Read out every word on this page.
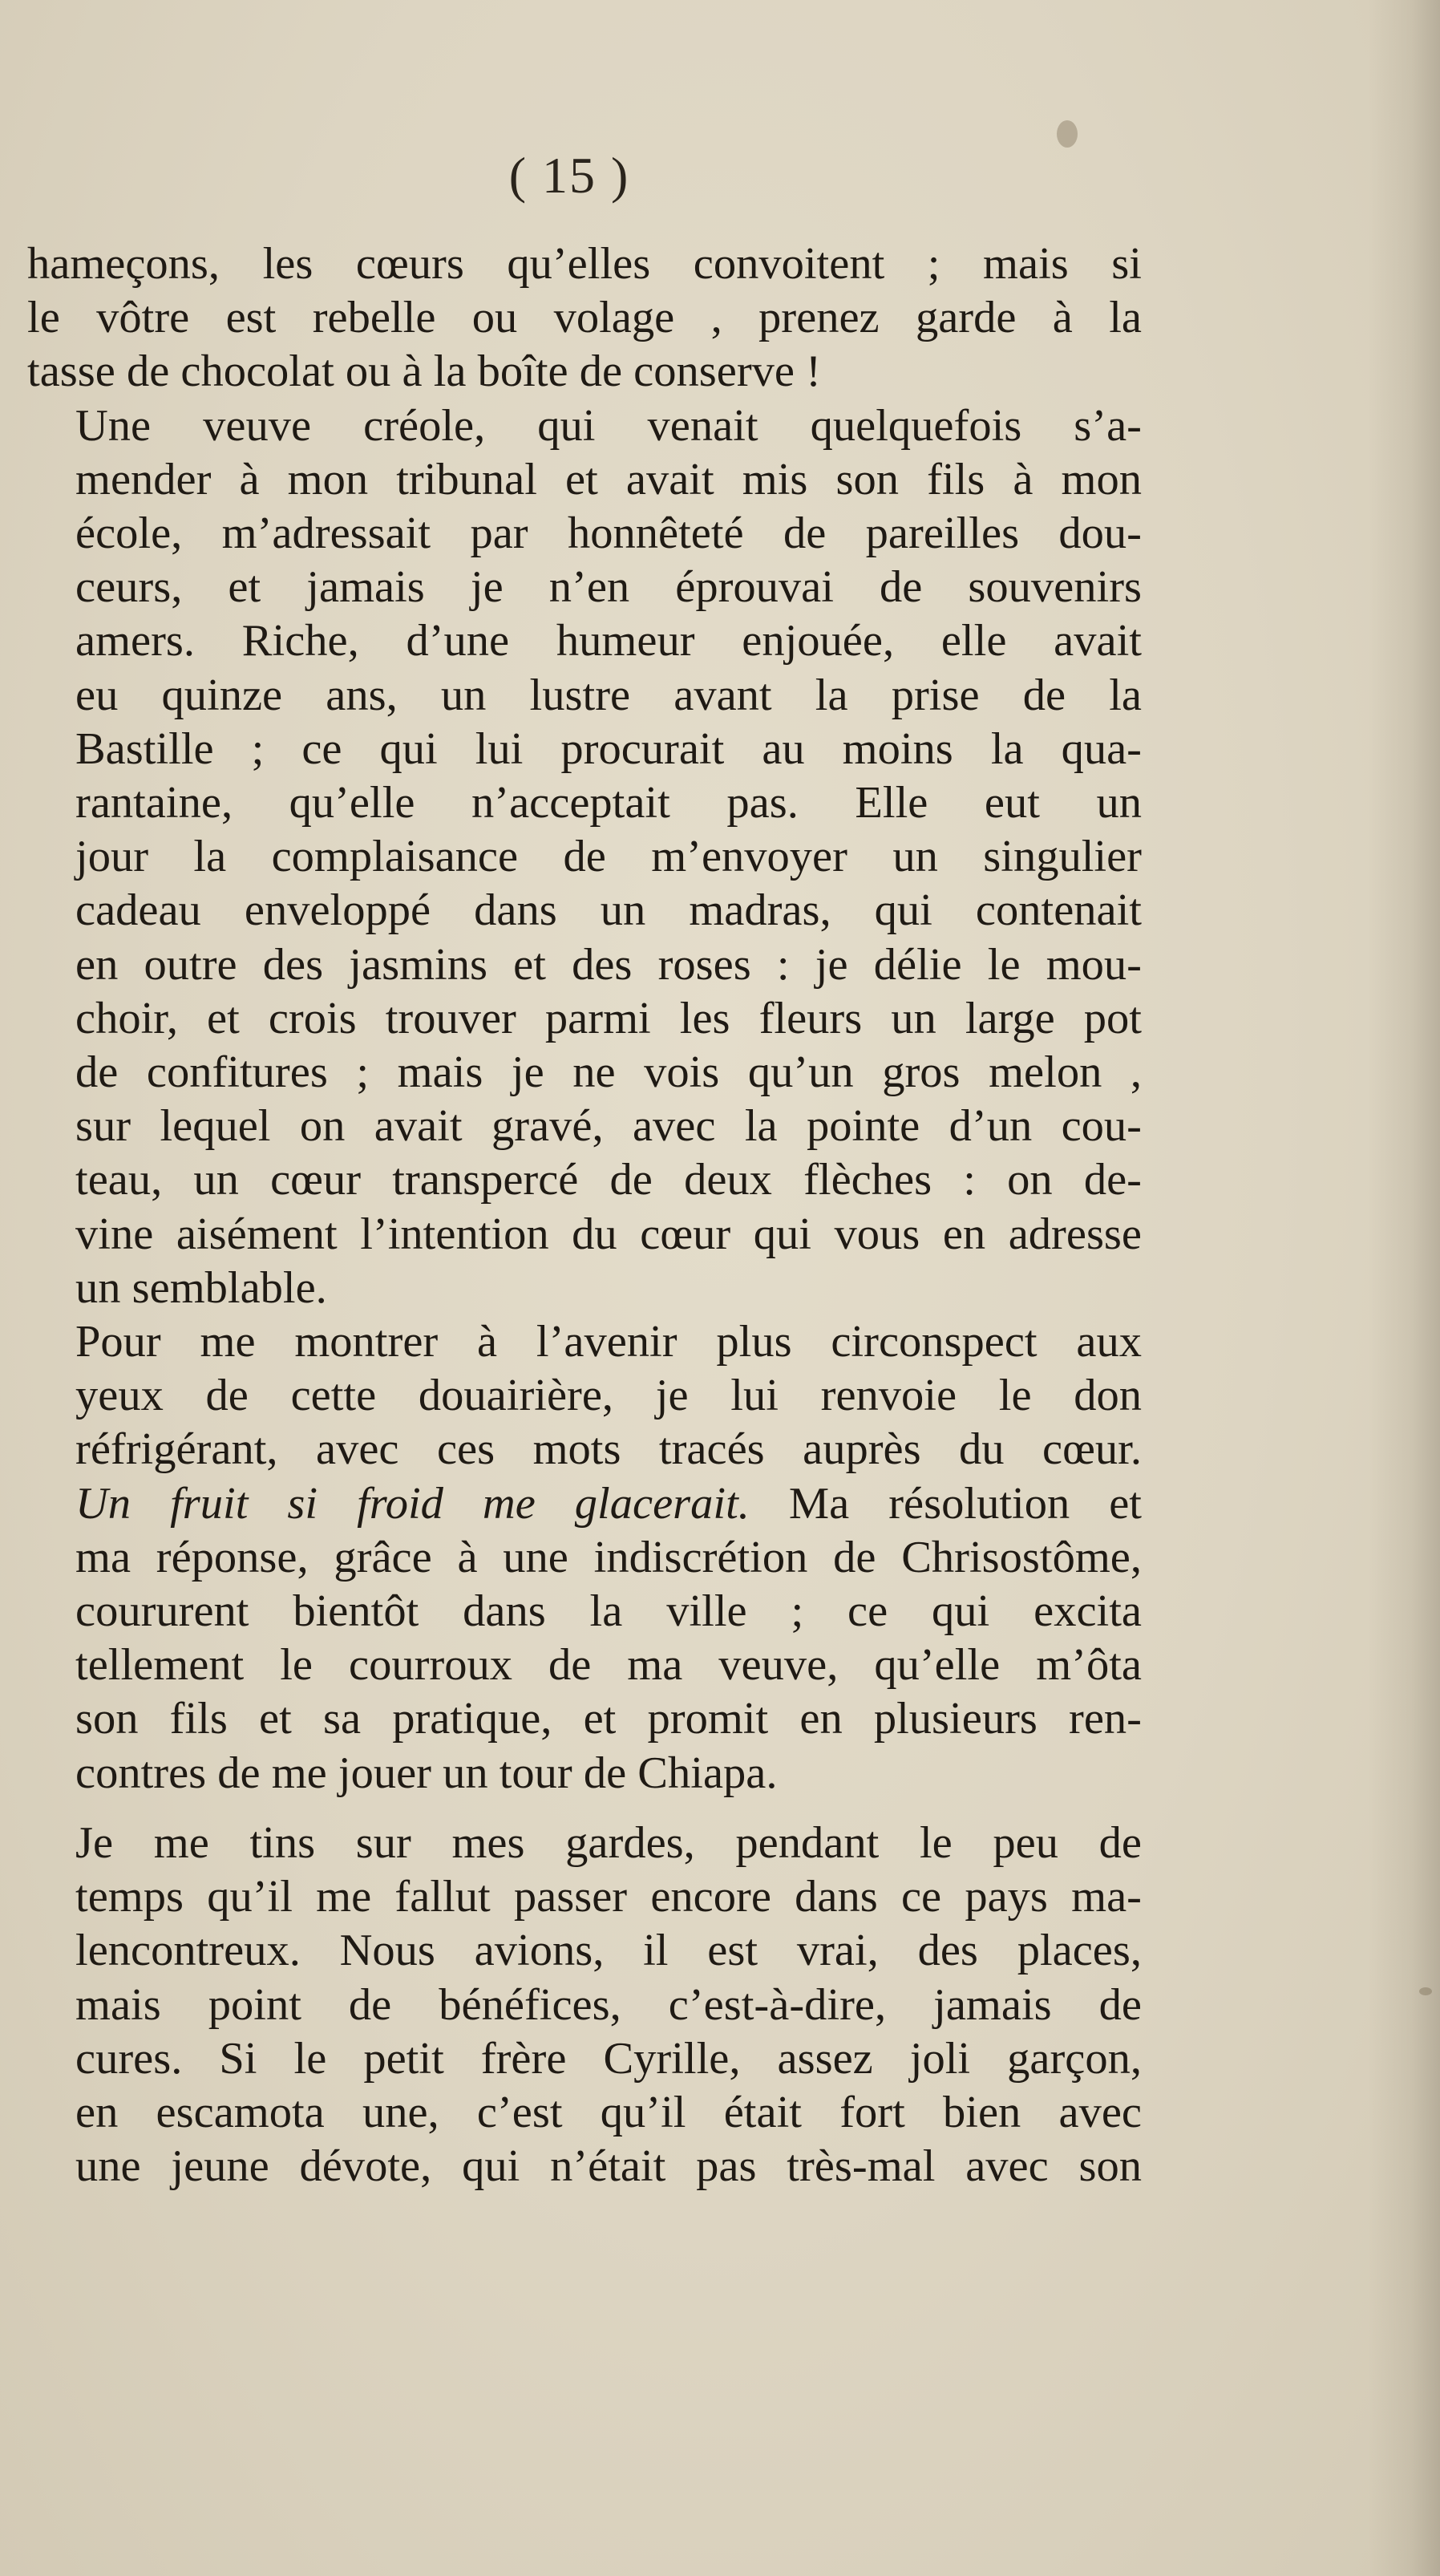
( 15 )

hameçons, les cœurs qu’elles convoitent ; mais si
le vôtre est rebelle ou volage , prenez garde à la
tasse de chocolat ou à la boîte de conserve !

Une veuve créole, qui venait quelquefois s’a-
mender à mon tribunal et avait mis son fils à mon
école, m’adressait par honnêteté de pareilles dou-
ceurs, et jamais je n’en éprouvai de souvenirs
amers. Riche, d’une humeur enjouée, elle avait
eu quinze ans, un lustre avant la prise de la
Bastille ; ce qui lui procurait au moins la qua-
rantaine, qu’elle n’acceptait pas. Elle eut un
jour la complaisance de m’envoyer un singulier
cadeau enveloppé dans un madras, qui contenait
en outre des jasmins et des roses : je délie le mou-
choir, et crois trouver parmi les fleurs un large pot
de confitures ; mais je ne vois qu’un gros melon ,
sur lequel on avait gravé, avec la pointe d’un cou-
teau, un cœur transpercé de deux flèches : on de-
vine aisément l’intention du cœur qui vous en adresse
un semblable.

Pour me montrer à l’avenir plus circonspect aux
yeux de cette douairière, je lui renvoie le don
réfrigérant, avec ces mots tracés auprès du cœur.
Un fruit si froid me glacerait. Ma résolution et
ma réponse, grâce à une indiscrétion de Chrisostôme,
coururent bientôt dans la ville ; ce qui excita
tellement le courroux de ma veuve, qu’elle m’ôta
son fils et sa pratique, et promit en plusieurs ren-
contres de me jouer un tour de Chiapa.

Je me tins sur mes gardes, pendant le peu de
temps qu’il me fallut passer encore dans ce pays ma-
lencontreux. Nous avions, il est vrai, des places,
mais point de bénéfices, c’est-à-dire, jamais de
cures. Si le petit frère Cyrille, assez joli garçon,
en escamota une, c’est qu’il était fort bien avec
une jeune dévote, qui n’était pas très-mal avec son
